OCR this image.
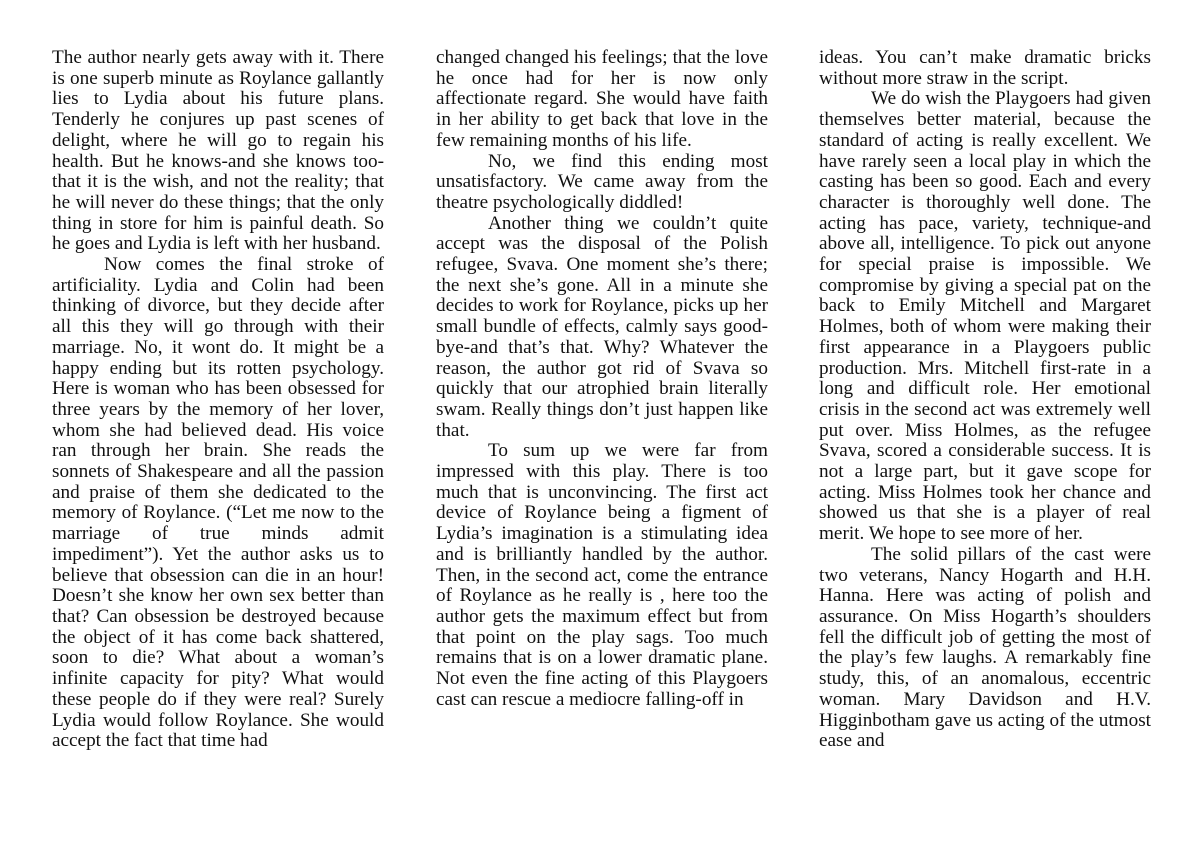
The author nearly gets away with it. There is one superb minute as Roylance gallantly lies to Lydia about his future plans. Tenderly he conjures up past scenes of delight, where he will go to regain his health. But he knows-and she knows too-that it is the wish, and not the reality; that he will never do these things; that the only thing in store for him is painful death. So he goes and Lydia is left with her husband.

Now comes the final stroke of artificiality. Lydia and Colin had been thinking of divorce, but they decide after all this they will go through with their marriage. No, it wont do. It might be a happy ending but its rotten psychology. Here is woman who has been obsessed for three years by the memory of her lover, whom she had believed dead. His voice ran through her brain. She reads the sonnets of Shakespeare and all the passion and praise of them she dedicated to the memory of Roylance. (“Let me now to the marriage of true minds admit impediment”). Yet the author asks us to believe that obsession can die in an hour! Doesn’t she know her own sex better than that? Can obsession be destroyed because the object of it has come back shattered, soon to die? What about a woman’s infinite capacity for pity? What would these people do if they were real? Surely Lydia would follow Roylance. She would accept the fact that time had

changed changed his feelings; that the love he once had for her is now only affectionate regard. She would have faith in her ability to get back that love in the few remaining months of his life.

No, we find this ending most unsatisfactory. We came away from the theatre psychologically diddled!

Another thing we couldn’t quite accept was the disposal of the Polish refugee, Svava. One moment she’s there; the next she’s gone. All in a minute she decides to work for Roylance, picks up her small bundle of effects, calmly says good-bye-and that’s that. Why? Whatever the reason, the author got rid of Svava so quickly that our atrophied brain literally swam. Really things don’t just happen like that.

To sum up we were far from impressed with this play. There is too much that is unconvincing. The first act device of Roylance being a figment of Lydia’s imagination is a stimulating idea and is brilliantly handled by the author. Then, in the second act, come the entrance of Roylance as he really is , here too the author gets the maximum effect but from that point on the play sags. Too much remains that is on a lower dramatic plane. Not even the fine acting of this Playgoers cast can rescue a mediocre falling-off in

ideas. You can’t make dramatic bricks without more straw in the script.

We do wish the Playgoers had given themselves better material, because the standard of acting is really excellent. We have rarely seen a local play in which the casting has been so good. Each and every character is thoroughly well done. The acting has pace, variety, technique-and above all, intelligence. To pick out anyone for special praise is impossible. We compromise by giving a special pat on the back to Emily Mitchell and Margaret Holmes, both of whom were making their first appearance in a Playgoers public production. Mrs. Mitchell first-rate in a long and difficult role. Her emotional crisis in the second act was extremely well put over. Miss Holmes, as the refugee Svava, scored a considerable success. It is not a large part, but it gave scope for acting. Miss Holmes took her chance and showed us that she is a player of real merit. We hope to see more of her.

The solid pillars of the cast were two veterans, Nancy Hogarth and H.H. Hanna. Here was acting of polish and assurance. On Miss Hogarth’s shoulders fell the difficult job of getting the most of the play’s few laughs. A remarkably fine study, this, of an anomalous, eccentric woman. Mary Davidson and H.V. Higginbotham gave us acting of the utmost ease and
